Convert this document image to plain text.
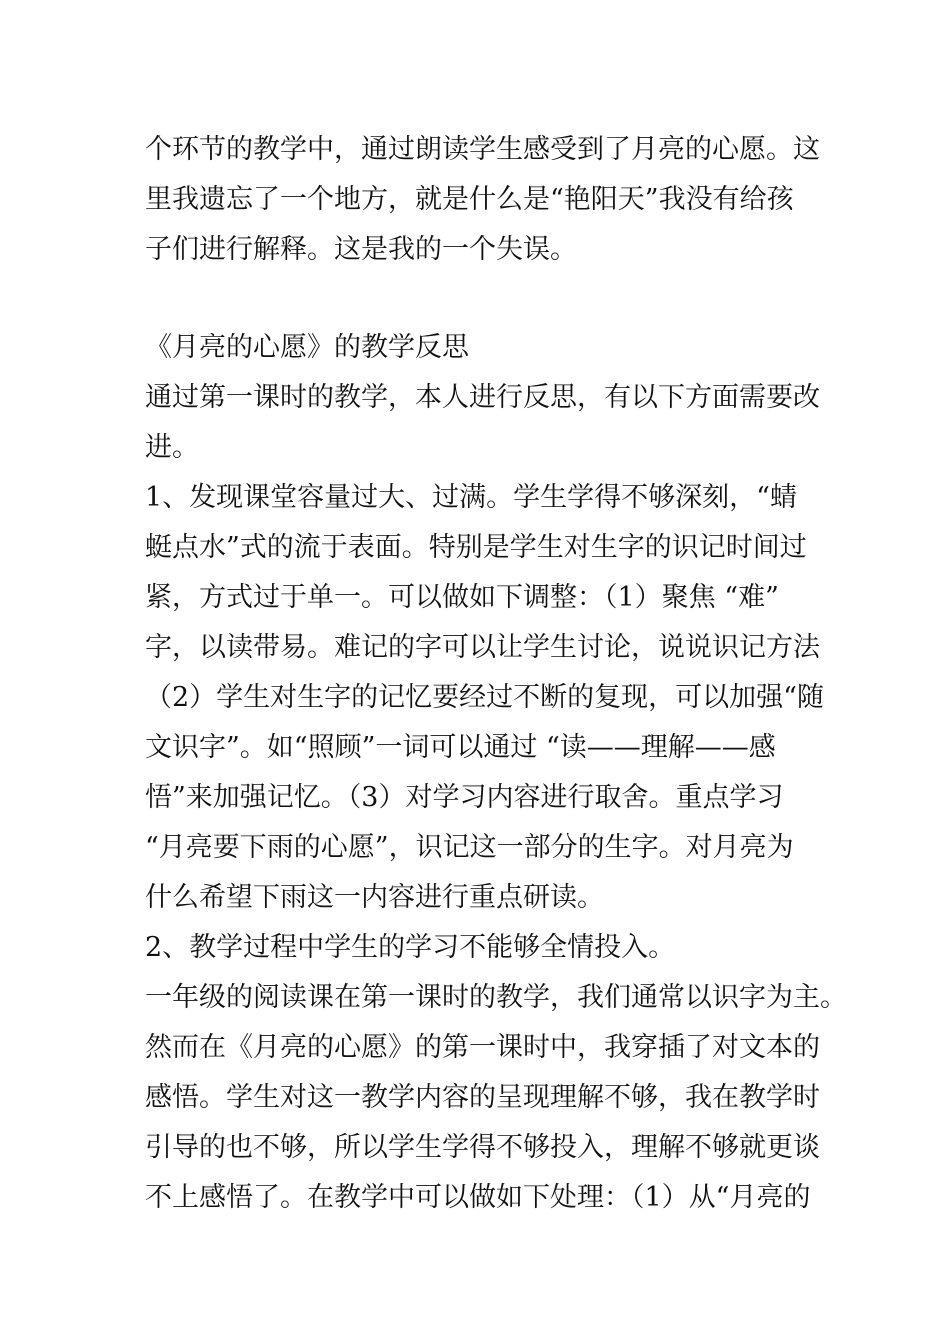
个环节的教学中，通过朗读学生感受到了月亮的心愿。这
里我遗忘了一个地方，就是什么是“艳阳天”我没有给孩
子们进行解释。这是我的一个失误。
《月亮的心愿》的教学反思
通过第一课时的教学，本人进行反思，有以下方面需要改
进。
1、发现课堂容量过大、过满。学生学得不够深刻，“蜻
蜓点水”式的流于表面。特别是学生对生字的识记时间过
紧，方式过于单一。可以做如下调整：（1）聚焦 “难”
字，以读带易。难记的字可以让学生讨论，说说识记方法
（2）学生对生字的记忆要经过不断的复现，可以加强“随
文识字”。如“照顾”一词可以通过 “读——理解——感
悟”来加强记忆。（3）对学习内容进行取舍。重点学习
“月亮要下雨的心愿”，识记这一部分的生字。对月亮为
什么希望下雨这一内容进行重点研读。
2、教学过程中学生的学习不能够全情投入。
一年级的阅读课在第一课时的教学，我们通常以识字为主。
然而在《月亮的心愿》的第一课时中，我穿插了对文本的
感悟。学生对这一教学内容的呈现理解不够，我在教学时
引导的也不够，所以学生学得不够投入，理解不够就更谈
不上感悟了。在教学中可以做如下处理：（1）从“月亮的
